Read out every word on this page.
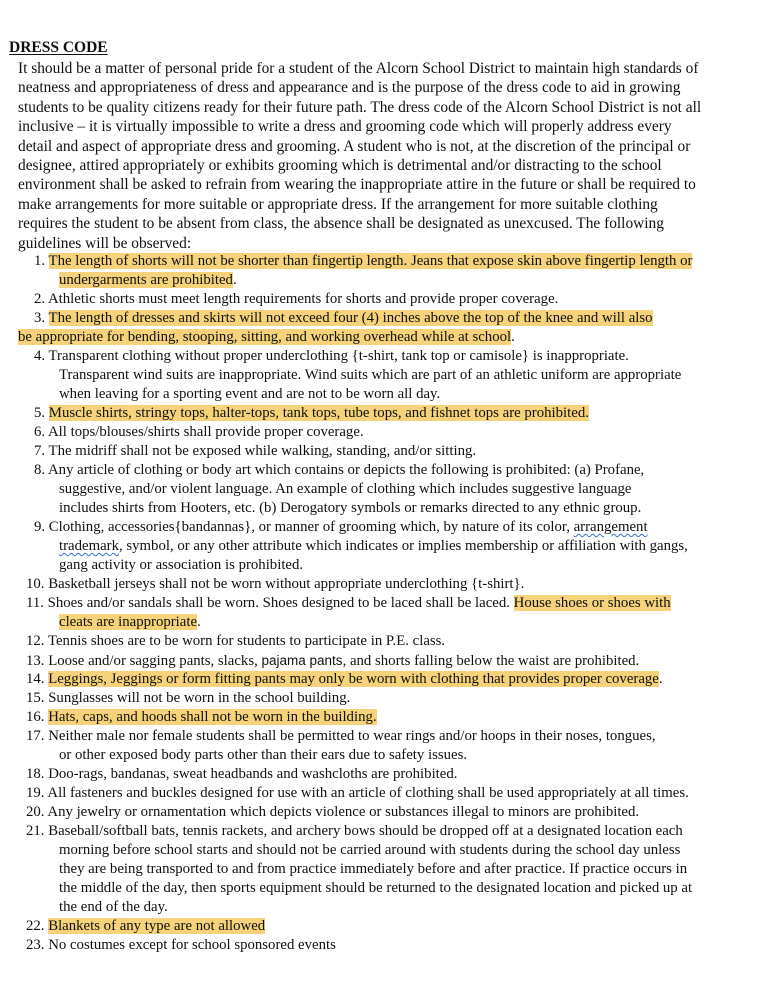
DRESS CODE
It should be a matter of personal pride for a student of the Alcorn School District to maintain high standards of
neatness and appropriateness of dress and appearance and is the purpose of the dress code to aid in growing
students to be quality citizens ready for their future path. The dress code of the Alcorn School District is not all
inclusive – it is virtually impossible to write a dress and grooming code which will properly address every
detail and aspect of appropriate dress and grooming. A student who is not, at the discretion of the principal or
designee, attired appropriately or exhibits grooming which is detrimental and/or distracting to the school
environment shall be asked to refrain from wearing the inappropriate attire in the future or shall be required to
make arrangements for more suitable or appropriate dress. If the arrangement for more suitable clothing
requires the student to be absent from class, the absence shall be designated as unexcused. The following
guidelines will be observed:
1. The length of shorts will not be shorter than fingertip length. Jeans that expose skin above fingertip length or
undergarments are prohibited.
2. Athletic shorts must meet length requirements for shorts and provide proper coverage.
3. The length of dresses and skirts will not exceed four (4) inches above the top of the knee and will also
be appropriate for bending, stooping, sitting, and working overhead while at school.
4. Transparent clothing without proper underclothing {t-shirt, tank top or camisole} is inappropriate.
Transparent wind suits are inappropriate. Wind suits which are part of an athletic uniform are appropriate
when leaving for a sporting event and are not to be worn all day.
5. Muscle shirts, stringy tops, halter-tops, tank tops, tube tops, and fishnet tops are prohibited.
6. All tops/blouses/shirts shall provide proper coverage.
7. The midriff shall not be exposed while walking, standing, and/or sitting.
8. Any article of clothing or body art which contains or depicts the following is prohibited: (a) Profane,
suggestive, and/or violent language. An example of clothing which includes suggestive language
includes shirts from Hooters, etc. (b) Derogatory symbols or remarks directed to any ethnic group.
9. Clothing, accessories{bandannas}, or manner of grooming which, by nature of its color, arrangement
trademark, symbol, or any other attribute which indicates or implies membership or affiliation with gangs,
gang activity or association is prohibited.
10. Basketball jerseys shall not be worn without appropriate underclothing {t-shirt}.
11. Shoes and/or sandals shall be worn. Shoes designed to be laced shall be laced. House shoes or shoes with
cleats are inappropriate.
12. Tennis shoes are to be worn for students to participate in P.E. class.
13. Loose and/or sagging pants, slacks, pajama pants, and shorts falling below the waist are prohibited.
14. Leggings, Jeggings or form fitting pants may only be worn with clothing that provides proper coverage.
15. Sunglasses will not be worn in the school building.
16. Hats, caps, and hoods shall not be worn in the building.
17. Neither male nor female students shall be permitted to wear rings and/or hoops in their noses, tongues,
or other exposed body parts other than their ears due to safety issues.
18. Doo-rags, bandanas, sweat headbands and washcloths are prohibited.
19. All fasteners and buckles designed for use with an article of clothing shall be used appropriately at all times.
20. Any jewelry or ornamentation which depicts violence or substances illegal to minors are prohibited.
21. Baseball/softball bats, tennis rackets, and archery bows should be dropped off at a designated location each
morning before school starts and should not be carried around with students during the school day unless
they are being transported to and from practice immediately before and after practice. If practice occurs in
the middle of the day, then sports equipment should be returned to the designated location and picked up at
the end of the day.
22. Blankets of any type are not allowed
23. No costumes except for school sponsored events
